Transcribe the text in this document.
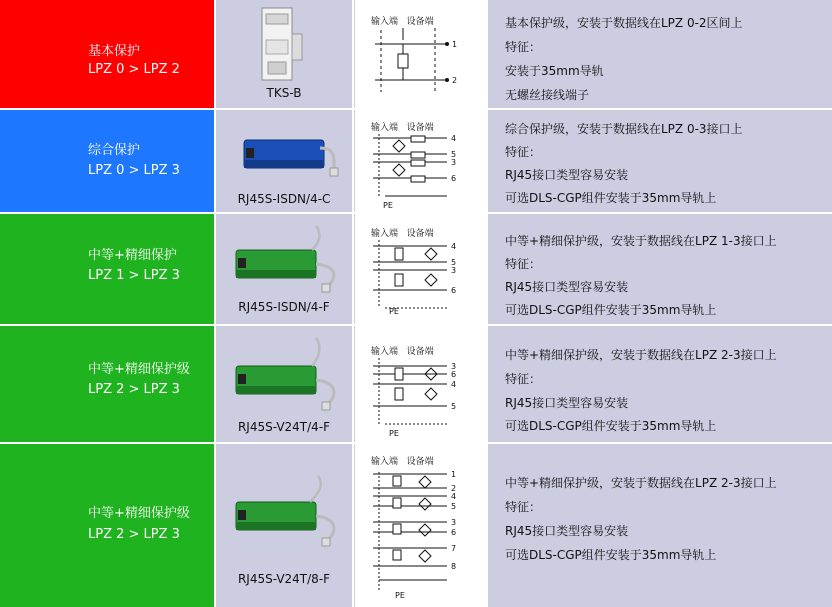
基本保护
LPZ 0 > LPZ 2
TKS-B
输入端 设备端
1
2
基本保护级，安装于数据线在LPZ 0-2区间上
特征：
安装于35mm导轨
无螺丝接线端子
综合保护
LPZ 0 > LPZ 3
RJ45S-ISDN/4-C
输入端 设备端
4
5
3
6
PE
综合保护级，安装于数据线在LPZ 0-3接口上
特征：
RJ45接口类型容易安装
可选DLS-CGP组件安装于35mm导轨上
中等+精细保护
LPZ 1 > LPZ 3
RJ45S-ISDN/4-F
输入端 设备端
4
5
3
6
PE
中等+精细保护级，安装于数据线在LPZ 1-3接口上
特征：
RJ45接口类型容易安装
可选DLS-CGP组件安装于35mm导轨上
中等+精细保护级
LPZ 2 > LPZ 3
RJ45S-V24T/4-F
输入端 设备端
3
6
4
5
PE
中等+精细保护级，安装于数据线在LPZ 2-3接口上
特征：
RJ45接口类型容易安装
可选DLS-CGP组件安装于35mm导轨上
中等+精细保护级
LPZ 2 > LPZ 3
RJ45S-V24T/8-F
输入端 设备端
1
2
4
5
3
6
7
8
PE
中等+精细保护级，安装于数据线在LPZ 2-3接口上
特征：
RJ45接口类型容易安装
可选DLS-CGP组件安装于35mm导轨上
